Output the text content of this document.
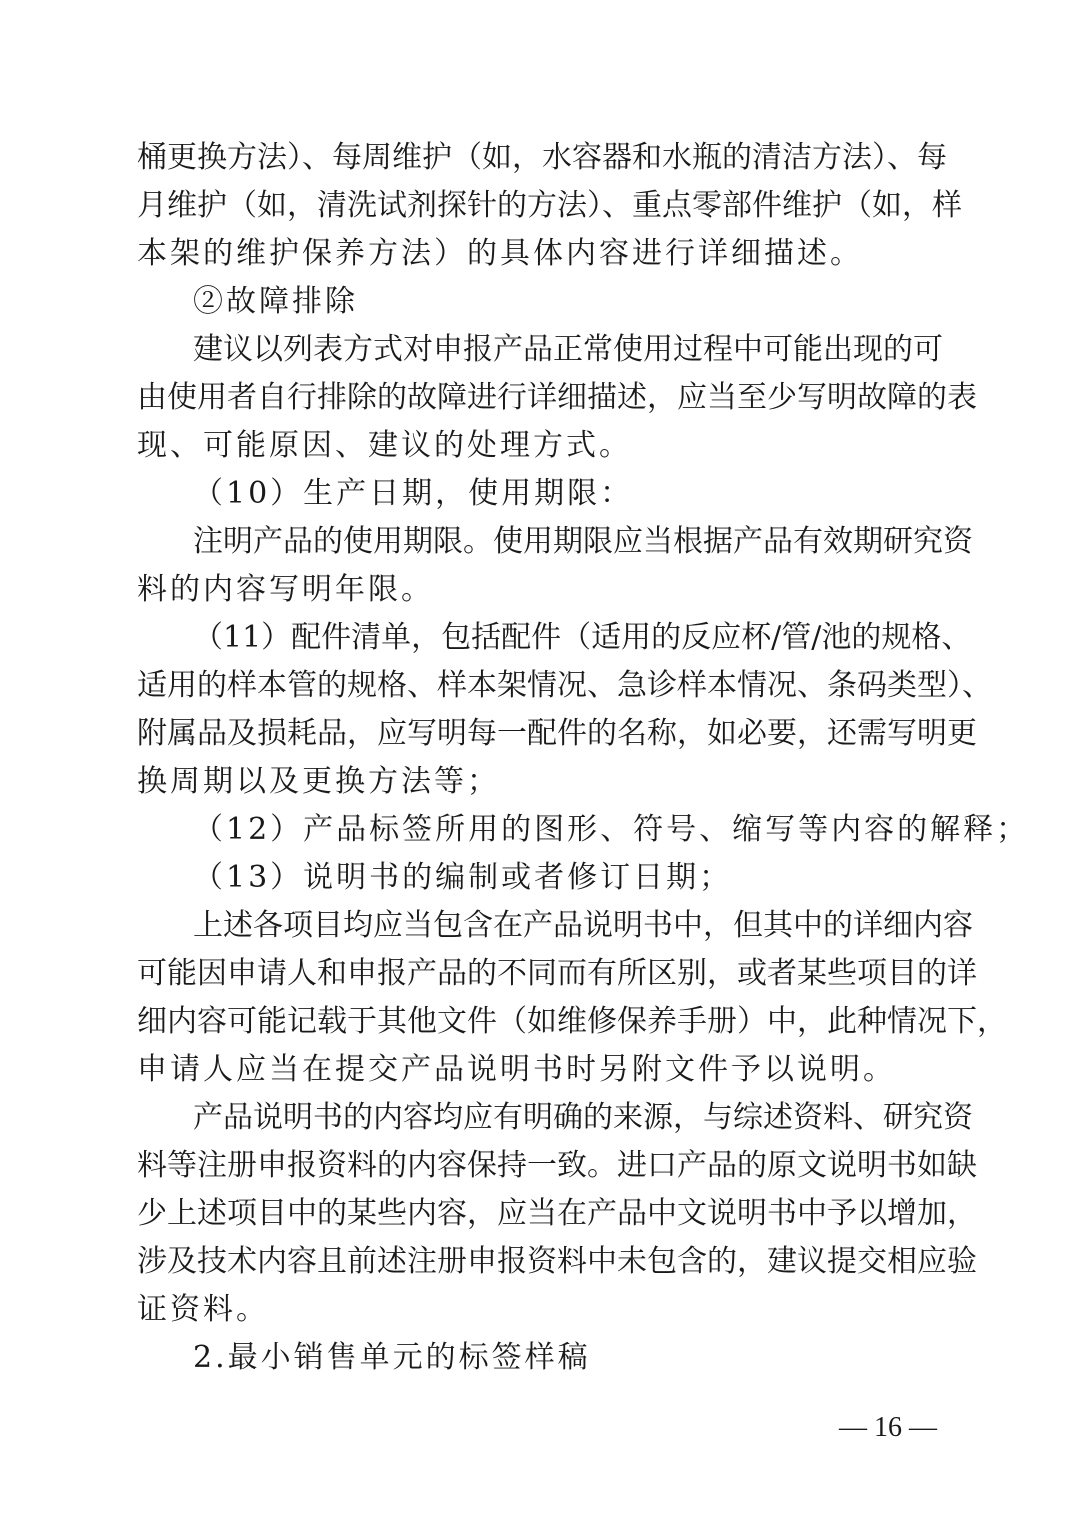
桶更换方法）、每周维护（如，水容器和水瓶的清洁方法）、每
月维护（如，清洗试剂探针的方法）、重点零部件维护（如，样
本架的维护保养方法）的具体内容进行详细描述。
②故障排除
建议以列表方式对申报产品正常使用过程中可能出现的可
由使用者自行排除的故障进行详细描述，应当至少写明故障的表
现、可能原因、建议的处理方式。
（10）生产日期，使用期限：
注明产品的使用期限。使用期限应当根据产品有效期研究资
料的内容写明年限。
（11）配件清单，包括配件（适用的反应杯/管/池的规格、
适用的样本管的规格、样本架情况、急诊样本情况、条码类型）、
附属品及损耗品，应写明每一配件的名称，如必要，还需写明更
换周期以及更换方法等；
（12）产品标签所用的图形、符号、缩写等内容的解释；
（13）说明书的编制或者修订日期；
上述各项目均应当包含在产品说明书中，但其中的详细内容
可能因申请人和申报产品的不同而有所区别，或者某些项目的详
细内容可能记载于其他文件（如维修保养手册）中，此种情况下，
申请人应当在提交产品说明书时另附文件予以说明。
产品说明书的内容均应有明确的来源，与综述资料、研究资
料等注册申报资料的内容保持一致。进口产品的原文说明书如缺
少上述项目中的某些内容，应当在产品中文说明书中予以增加，
涉及技术内容且前述注册申报资料中未包含的，建议提交相应验
证资料。
2.最小销售单元的标签样稿
— 16 —
